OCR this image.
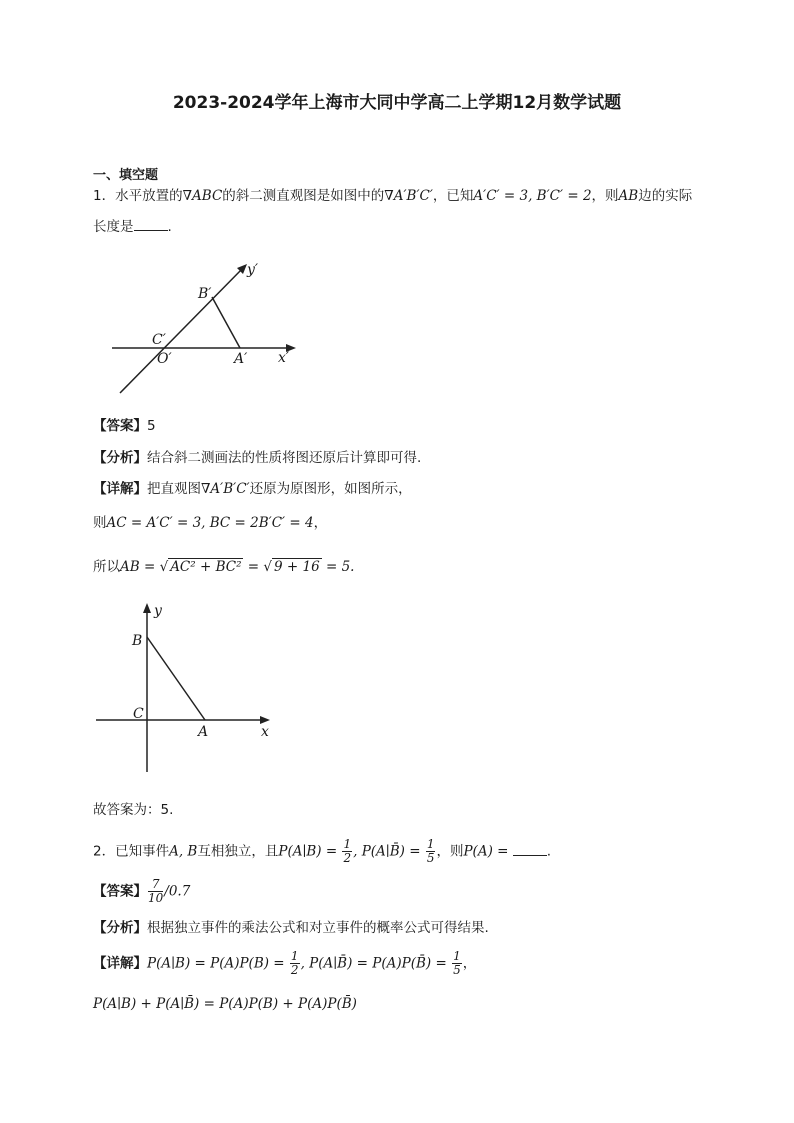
2023-2024学年上海市大同中学高二上学期12月数学试题
一、填空题
1．水平放置的∇ABC的斜二测直观图是如图中的∇A′B′C′，已知A′C′ = 3, B′C′ = 2，则AB边的实际
长度是	.
y′
B′
C′
O′	A′ x′
【答案】5
【分析】结合斜二测画法的性质将图还原后计算即可得.
【详解】把直观图∇A′B′C′还原为原图形，如图所示，
则AC = A′C′ = 3, BC = 2B′C′ = 4，
所以AB = √ AC² + BC² = √ 9 + 16 = 5.
y
B
C
A	x
故答案为：5.
2．已知事件A, B互相独立，且P(A∣B) = $\frac{1}{2}$ , P(A∣B̄) = $\frac{1}{5}$ ，则P(A) =	.
【答案】 $\frac{7}{10} /0.7$
【分析】根据独立事件的乘法公式和对立事件的概率公式可得结果.
【详解】P(A∣B) = $P(A)P(B) = \frac{1}{2}$ , P(A∣B̄) = P(A)P(B̄) = $\frac{1}{5}$ ，
P(A∣B) + P(A∣B̄) = P(A)P(B) + P(A)P(B̄)
